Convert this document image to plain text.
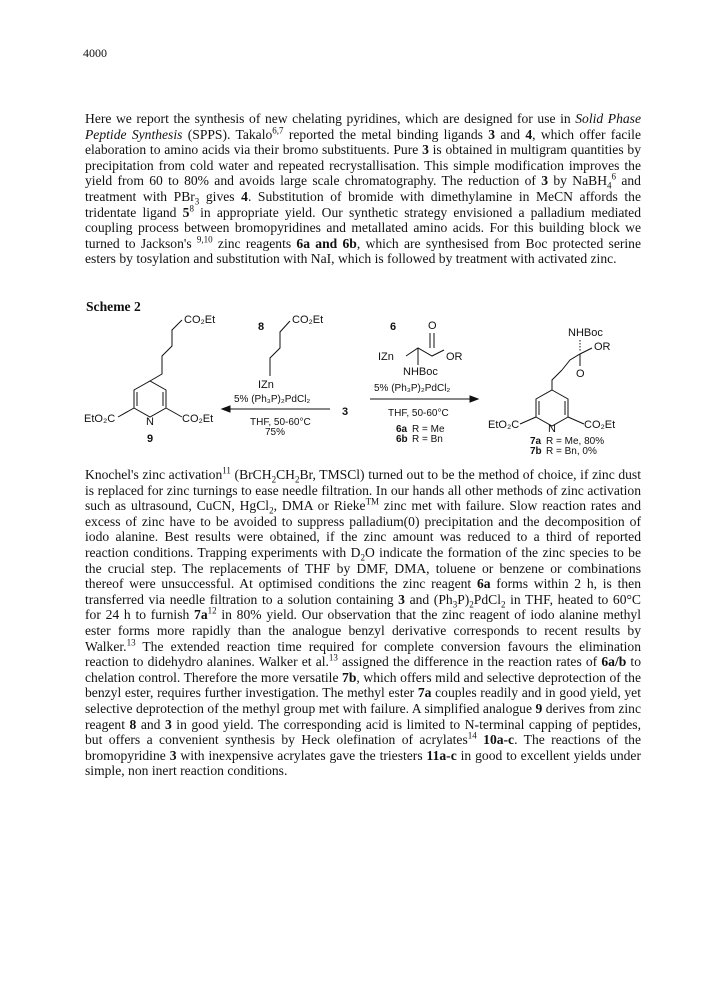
4000

Here we report the synthesis of new chelating pyridines, which are designed for use in Solid Phase Peptide Synthesis (SPPS). Takalo$^{6,7}$ reported the metal binding ligands 3 and 4, which offer facile elaboration to amino acids via their bromo substituents. Pure 3 is obtained in multigram quantities by precipitation from cold water and repeated recrystallisation. This simple modification improves the yield from 60 to 80% and avoids large scale chromatography. The reduction of 3 by NaBH$_4^6$ and treatment with PBr$_3$ gives 4. Substitution of bromide with dimethylamine in MeCN affords the tridentate ligand $5^8$ in appropriate yield. Our synthetic strategy envisioned a palladium mediated coupling process between bromopyridines and metallated amino acids. For this building block we turned to Jackson's $^{9,10}$ zinc reagents 6a and 6b, which are synthesised from Boc protected serine esters by tosylation and substitution with NaI, which is followed by treatment with activated zinc.

Scheme 2
CO₂Et
EtO₂C	N	CO₂Et
9
8
CO₂Et
IZn
5% (Ph₃P)₂PdCl₂
THF, 50-60°C
75%
3
6	O
IZn	OR
NHBoc
5% (Ph₃P)₂PdCl₂
THF, 50-60°C
6a R = Me
6b R = Bn
NHBoc
OR
O
EtO₂C	N	CO₂Et
7a R = Me, 80%
7b R = Bn, 0%

Knochel's zinc activation$^{11}$ ($BrCH_2CH_2Br$, TMSCl) turned out to be the method of choice, if zinc dust is replaced for zinc turnings to ease needle filtration. In our hands all other methods of zinc activation such as ultrasound, CuCN, HgCl$_2$, DMA or Rieke™ zinc met with failure. Slow reaction rates and excess of zinc have to be avoided to suppress palladium(0) precipitation and the decomposition of iodo alanine. Best results were obtained, if the zinc amount was reduced to a third of reported reaction conditions. Trapping experiments with $D_2O$ indicate the formation of the zinc species to be the crucial step. The replacements of THF by DMF, DMA, toluene or benzene or combinations thereof were unsuccessful. At optimised conditions the zinc reagent 6a forms within 2 h, is then transferred via needle filtration to a solution containing 3 and $(Ph_3P)_2PdCl_2$ in THF, heated to 60°C for 24 h to furnish $7a^{12}$ in 80% yield. Our observation that the zinc reagent of iodo alanine methyl ester forms more rapidly than the analogue benzyl derivative corresponds to recent results by Walker.$^{13}$ The extended reaction time required for complete conversion favours the elimination reaction to didehydro alanines. Walker et al.$^{13}$ assigned the difference in the reaction rates of 6a/b to chelation control. Therefore the more versatile 7b, which offers mild and selective deprotection of the benzyl ester, requires further investigation. The methyl ester 7a couples readily and in good yield, yet selective deprotection of the methyl group met with failure. A simplified analogue 9 derives from zinc reagent 8 and 3 in good yield. The corresponding acid is limited to N-terminal capping of peptides, but offers a convenient synthesis by Heck olefination of acrylates$^{14}$ 10a-c. The reactions of the bromopyridine 3 with inexpensive acrylates gave the triesters 11a-c in good to excellent yields under simple, non inert reaction conditions.
